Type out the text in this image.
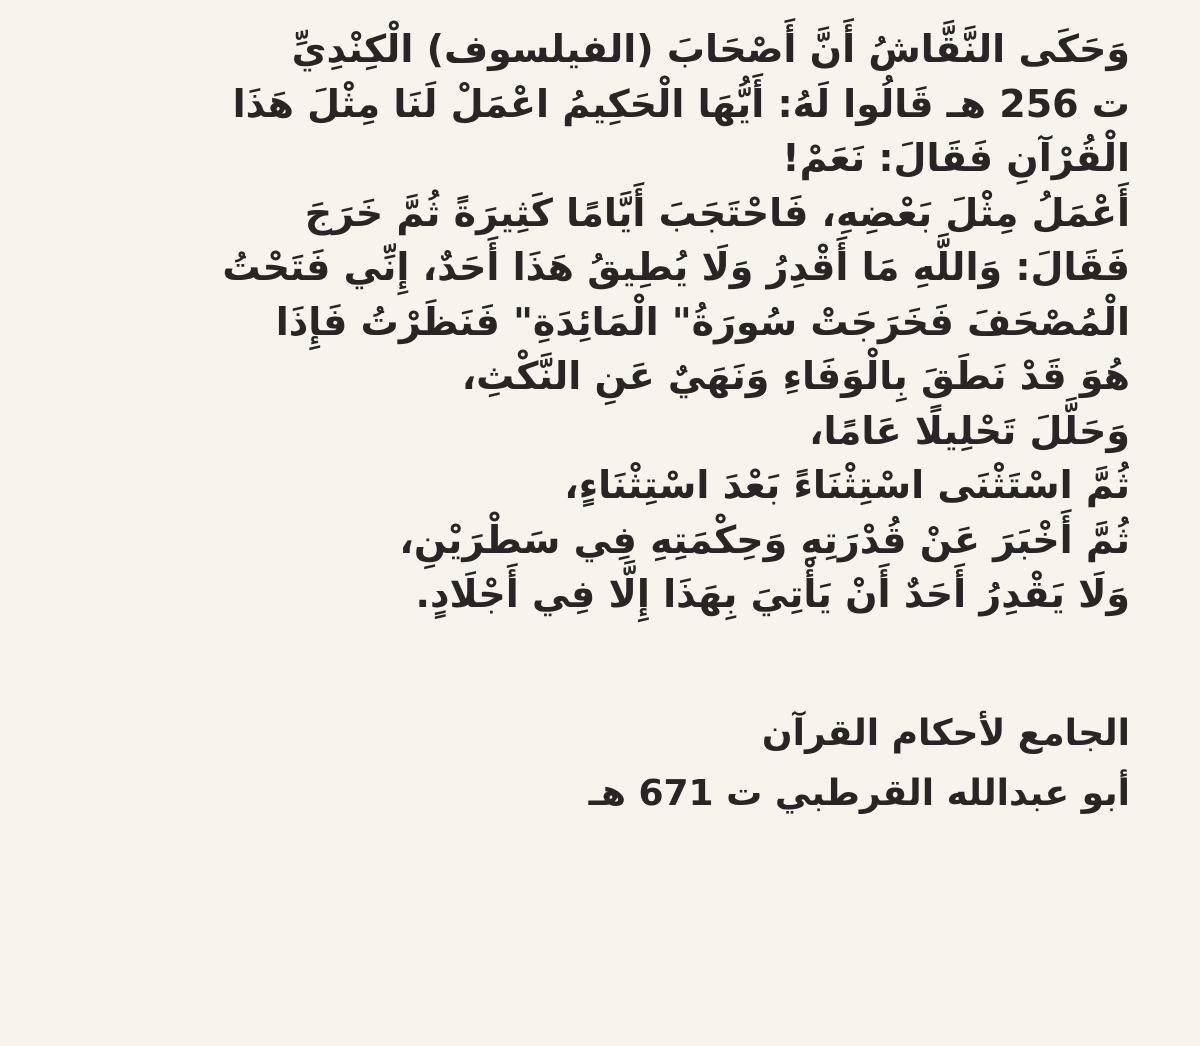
وَحَكَى النَّقَّاشُ أَنَّ أَصْحَابَ (الفيلسوف) الْكِنْدِيِّ
ت 256 هـ قَالُوا لَهُ: أَيُّهَا الْحَكِيمُ اعْمَلْ لَنَا مِثْلَ هَذَا
الْقُرْآنِ فَقَالَ: نَعَمْ!
أَعْمَلُ مِثْلَ بَعْضِهِ، فَاحْتَجَبَ أَيَّامًا كَثِيرَةً ثُمَّ خَرَجَ
فَقَالَ: وَاللَّهِ مَا أَقْدِرُ وَلَا يُطِيقُ هَذَا أَحَدٌ، إِنِّي فَتَحْتُ
الْمُصْحَفَ فَخَرَجَتْ سُورَةُ" الْمَائِدَةِ" فَنَظَرْتُ فَإِذَا
هُوَ قَدْ نَطَقَ بِالْوَفَاءِ وَنَهَيٌ عَنِ النَّكْثِ،
وَحَلَّلَ تَحْلِيلًا عَامًا،
ثُمَّ اسْتَثْنَى اسْتِثْنَاءً بَعْدَ اسْتِثْنَاءٍ،
ثُمَّ أَخْبَرَ عَنْ قُدْرَتِهِ وَحِكْمَتِهِ فِي سَطْرَيْنِ،
وَلَا يَقْدِرُ أَحَدٌ أَنْ يَأْتِيَ بِهَذَا إِلَّا فِي أَجْلَادٍ.
الجامع لأحكام القرآن
أبو عبدالله القرطبي ت 671 هـ
